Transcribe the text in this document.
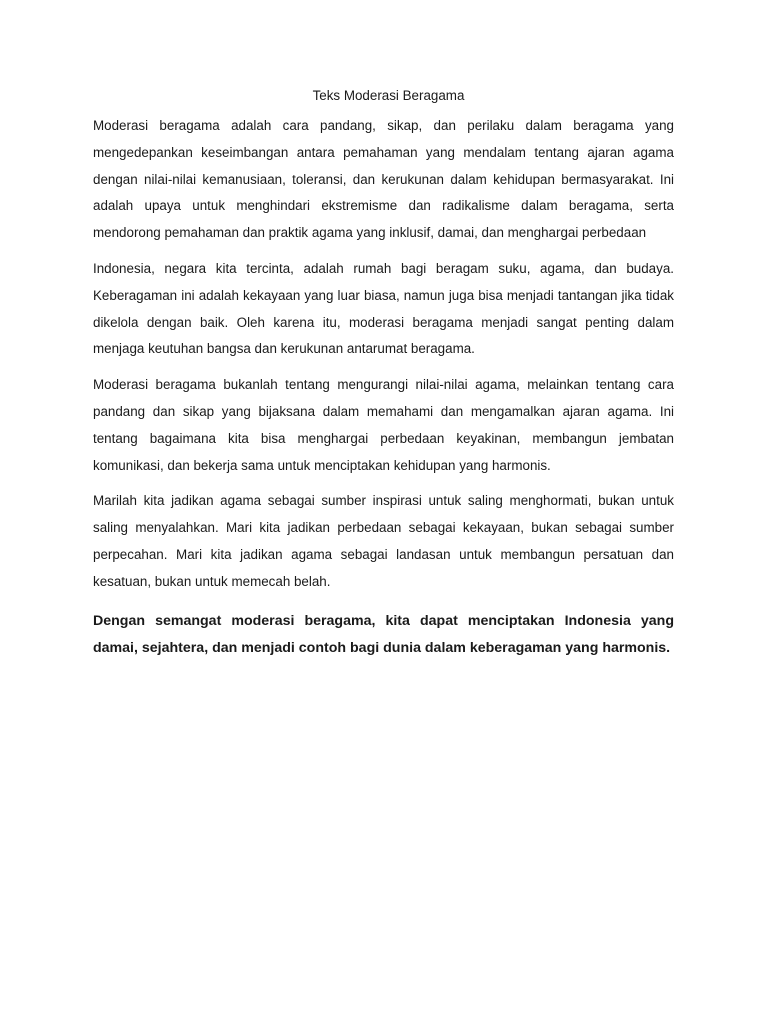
Teks Moderasi Beragama

Moderasi beragama adalah cara pandang, sikap, dan perilaku dalam beragama yang mengedepankan keseimbangan antara pemahaman yang mendalam tentang ajaran agama dengan nilai-nilai kemanusiaan, toleransi, dan kerukunan dalam kehidupan bermasyarakat. Ini adalah upaya untuk menghindari ekstremisme dan radikalisme dalam beragama, serta mendorong pemahaman dan praktik agama yang inklusif, damai, dan menghargai perbedaan

Indonesia, negara kita tercinta, adalah rumah bagi beragam suku, agama, dan budaya. Keberagaman ini adalah kekayaan yang luar biasa, namun juga bisa menjadi tantangan jika tidak dikelola dengan baik. Oleh karena itu, moderasi beragama menjadi sangat penting dalam menjaga keutuhan bangsa dan kerukunan antarumat beragama.

Moderasi beragama bukanlah tentang mengurangi nilai-nilai agama, melainkan tentang cara pandang dan sikap yang bijaksana dalam memahami dan mengamalkan ajaran agama. Ini tentang bagaimana kita bisa menghargai perbedaan keyakinan, membangun jembatan komunikasi, dan bekerja sama untuk menciptakan kehidupan yang harmonis.

Marilah kita jadikan agama sebagai sumber inspirasi untuk saling menghormati, bukan untuk saling menyalahkan. Mari kita jadikan perbedaan sebagai kekayaan, bukan sebagai sumber perpecahan. Mari kita jadikan agama sebagai landasan untuk membangun persatuan dan kesatuan, bukan untuk memecah belah.

Dengan semangat moderasi beragama, kita dapat menciptakan Indonesia yang damai, sejahtera, dan menjadi contoh bagi dunia dalam keberagaman yang harmonis.
